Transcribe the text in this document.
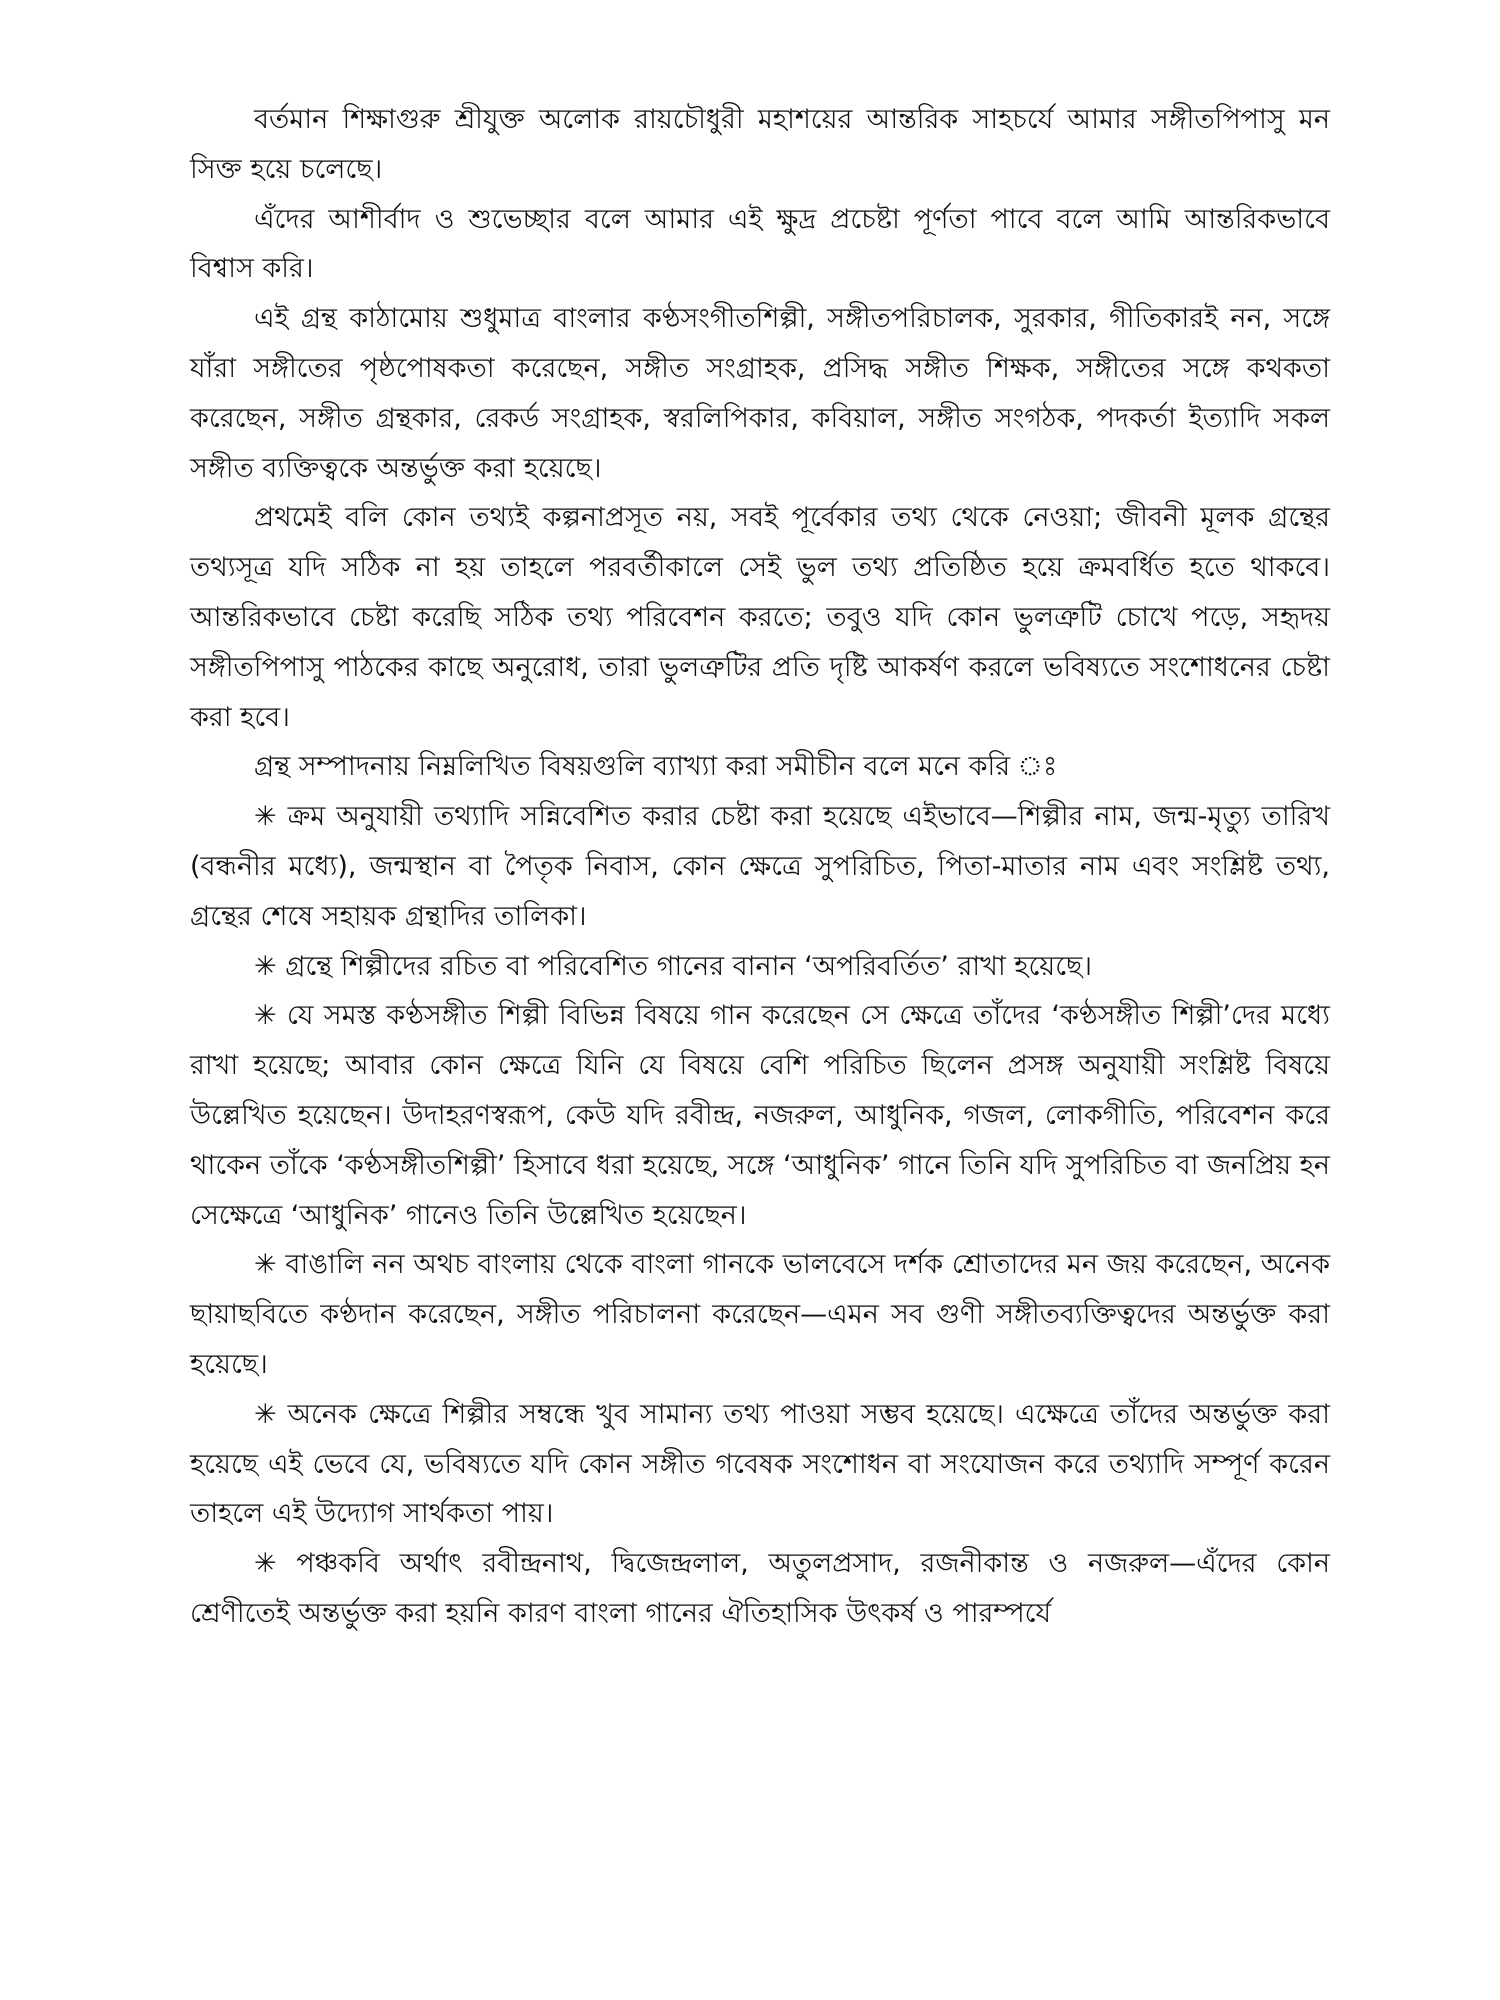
বর্তমান শিক্ষাগুরু শ্রীযুক্ত অলোক রায়চৌধুরী মহাশয়ের আন্তরিক সাহচর্যে আমার সঙ্গীতপিপাসু মন সিক্ত হয়ে চলেছে।

এঁদের আশীর্বাদ ও শুভেচ্ছার বলে আমার এই ক্ষুদ্র প্রচেষ্টা পূর্ণতা পাবে বলে আমি আন্তরিকভাবে বিশ্বাস করি।

এই গ্রন্থ কাঠামোয় শুধুমাত্র বাংলার কণ্ঠসংগীতশিল্পী, সঙ্গীতপরিচালক, সুরকার, গীতিকারই নন, সঙ্গে যাঁরা সঙ্গীতের পৃষ্ঠপোষকতা করেছেন, সঙ্গীত সংগ্রাহক, প্রসিদ্ধ সঙ্গীত শিক্ষক, সঙ্গীতের সঙ্গে কথকতা করেছেন, সঙ্গীত গ্রন্থকার, রেকর্ড সংগ্রাহক, স্বরলিপিকার, কবিয়াল, সঙ্গীত সংগঠক, পদকর্তা ইত্যাদি সকল সঙ্গীত ব্যক্তিত্বকে অন্তর্ভুক্ত করা হয়েছে।

প্রথমেই বলি কোন তথ্যই কল্পনাপ্রসূত নয়, সবই পূর্বেকার তথ্য থেকে নেওয়া; জীবনী মূলক গ্রন্থের তথ্যসূত্র যদি সঠিক না হয় তাহলে পরবর্তীকালে সেই ভুল তথ্য প্রতিষ্ঠিত হয়ে ক্রমবর্ধিত হতে থাকবে। আন্তরিকভাবে চেষ্টা করেছি সঠিক তথ্য পরিবেশন করতে; তবুও যদি কোন ভুলত্রুটি চোখে পড়ে, সহৃদয় সঙ্গীতপিপাসু পাঠকের কাছে অনুরোধ, তারা ভুলত্রুটির প্রতি দৃষ্টি আকর্ষণ করলে ভবিষ্যতে সংশোধনের চেষ্টা করা হবে।

গ্রন্থ সম্পাদনায় নিম্নলিখিত বিষয়গুলি ব্যাখ্যা করা সমীচীন বলে মনে করি ঃ

✳ ক্রম অনুযায়ী তথ্যাদি সন্নিবেশিত করার চেষ্টা করা হয়েছে এইভাবে—শিল্পীর নাম, জন্ম-মৃত্যু তারিখ (বন্ধনীর মধ্যে), জন্মস্থান বা পৈতৃক নিবাস, কোন ক্ষেত্রে সুপরিচিত, পিতা-মাতার নাম এবং সংশ্লিষ্ট তথ্য, গ্রন্থের শেষে সহায়ক গ্রন্থাদির তালিকা।

✳ গ্রন্থে শিল্পীদের রচিত বা পরিবেশিত গানের বানান ‘অপরিবর্তিত’ রাখা হয়েছে।

✳ যে সমস্ত কণ্ঠসঙ্গীত শিল্পী বিভিন্ন বিষয়ে গান করেছেন সে ক্ষেত্রে তাঁদের ‘কণ্ঠসঙ্গীত শিল্পী’দের মধ্যে রাখা হয়েছে; আবার কোন ক্ষেত্রে যিনি যে বিষয়ে বেশি পরিচিত ছিলেন প্রসঙ্গ অনুযায়ী সংশ্লিষ্ট বিষয়ে উল্লেখিত হয়েছেন। উদাহরণস্বরূপ, কেউ যদি রবীন্দ্র, নজরুল, আধুনিক, গজল, লোকগীতি, পরিবেশন করে থাকেন তাঁকে ‘কণ্ঠসঙ্গীতশিল্পী’ হিসাবে ধরা হয়েছে, সঙ্গে ‘আধুনিক’ গানে তিনি যদি সুপরিচিত বা জনপ্রিয় হন সেক্ষেত্রে ‘আধুনিক’ গানেও তিনি উল্লেখিত হয়েছেন।

✳ বাঙালি নন অথচ বাংলায় থেকে বাংলা গানকে ভালবেসে দর্শক শ্রোতাদের মন জয় করেছেন, অনেক ছায়াছবিতে কণ্ঠদান করেছেন, সঙ্গীত পরিচালনা করেছেন—এমন সব গুণী সঙ্গীতব্যক্তিত্বদের অন্তর্ভুক্ত করা হয়েছে।

✳ অনেক ক্ষেত্রে শিল্পীর সম্বন্ধে খুব সামান্য তথ্য পাওয়া সম্ভব হয়েছে। এক্ষেত্রে তাঁদের অন্তর্ভুক্ত করা হয়েছে এই ভেবে যে, ভবিষ্যতে যদি কোন সঙ্গীত গবেষক সংশোধন বা সংযোজন করে তথ্যাদি সম্পূর্ণ করেন তাহলে এই উদ্যোগ সার্থকতা পায়।

✳ পঞ্চকবি অর্থাৎ রবীন্দ্রনাথ, দ্বিজেন্দ্রলাল, অতুলপ্রসাদ, রজনীকান্ত ও নজরুল—এঁদের কোন শ্রেণীতেই অন্তর্ভুক্ত করা হয়নি কারণ বাংলা গানের ঐতিহাসিক উৎকর্ষ ও পারম্পর্যে
